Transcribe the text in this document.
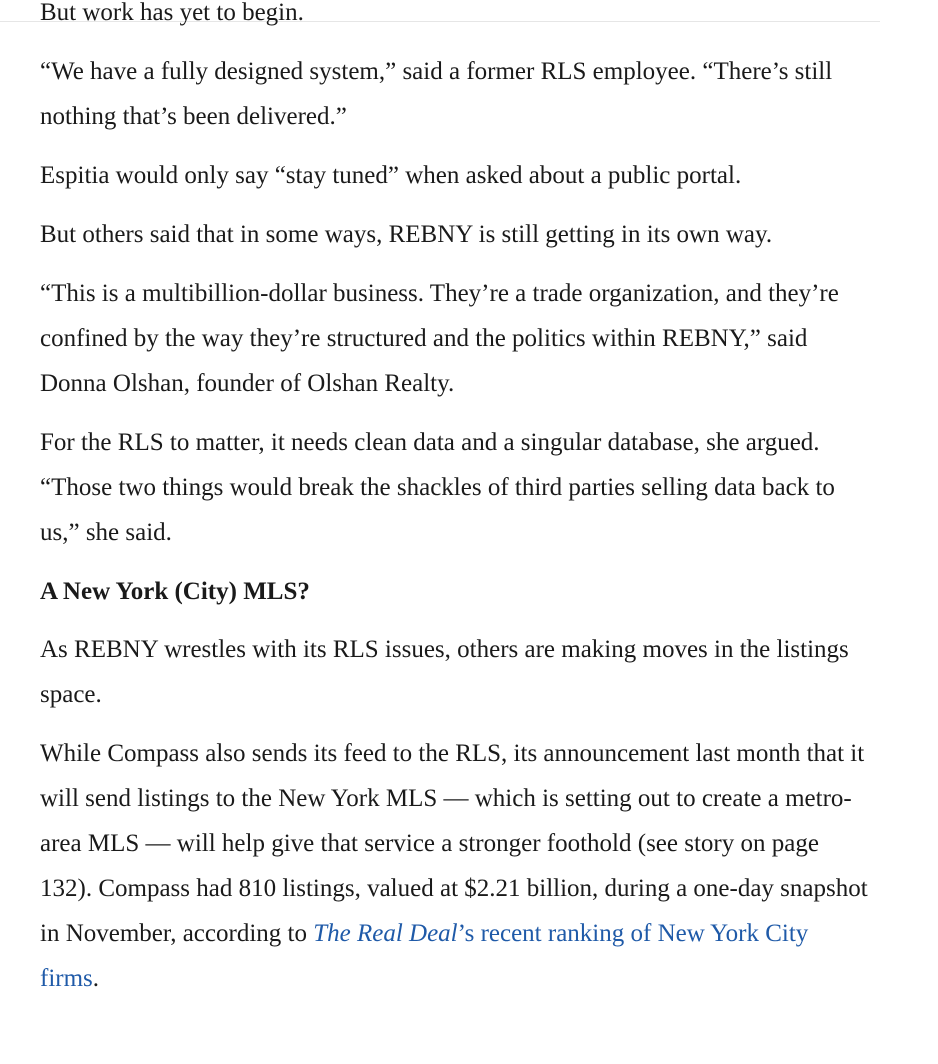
But work has yet to begin.

“We have a fully designed system,” said a former RLS employee. “There’s still nothing that’s been delivered.”

Espitia would only say “stay tuned” when asked about a public portal.

But others said that in some ways, REBNY is still getting in its own way.

“This is a multibillion-dollar business. They’re a trade organization, and they’re confined by the way they’re structured and the politics within REBNY,” said Donna Olshan, founder of Olshan Realty.

For the RLS to matter, it needs clean data and a singular database, she argued. “Those two things would break the shackles of third parties selling data back to us,” she said.

A New York (City) MLS?

As REBNY wrestles with its RLS issues, others are making moves in the listings space.

While Compass also sends its feed to the RLS, its announcement last month that it will send listings to the New York MLS — which is setting out to create a metro-area MLS — will help give that service a stronger foothold (see story on page 132). Compass had 810 listings, valued at $2.21 billion, during a one-day snapshot in November, according to The Real Deal’s recent ranking of New York City firms.
